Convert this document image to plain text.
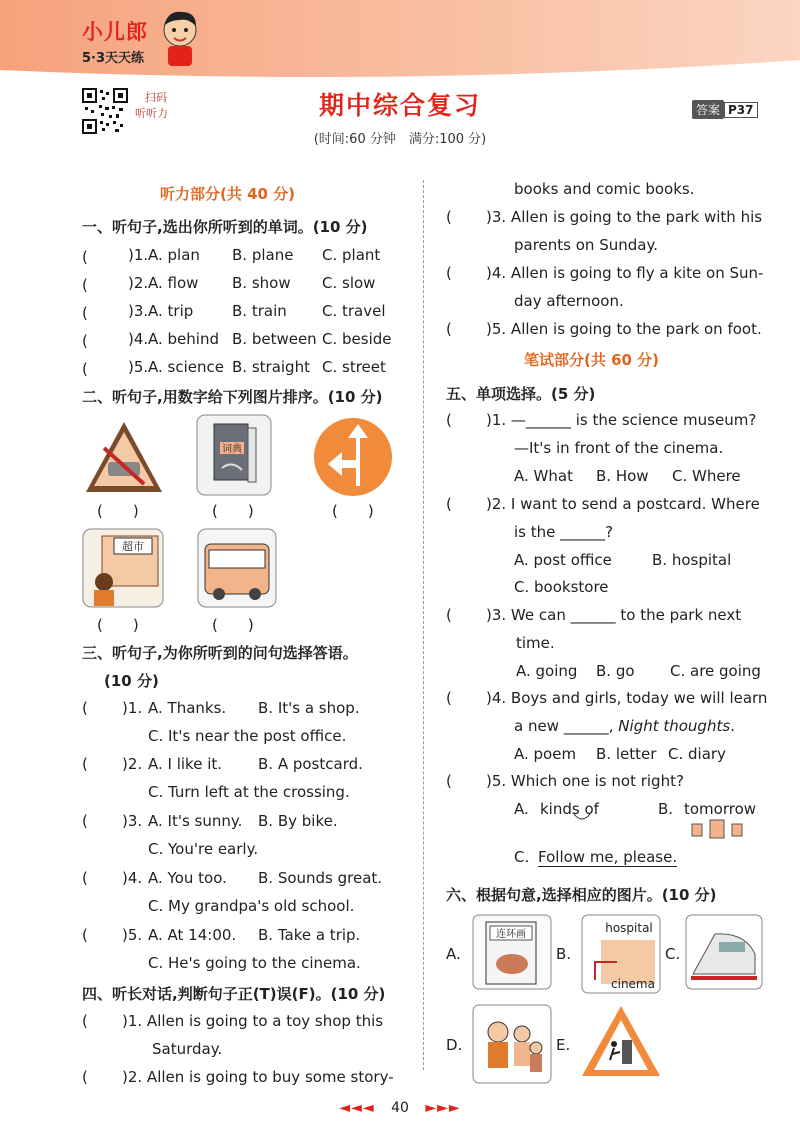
小儿郎
5·3天天练
扫码
听听力	期中综合复习
(时间:60 分钟　满分:100 分)
答案 P37
听力部分(共 40 分)
一、听句子,选出你所听到的单词。(10 分)
(　　 )1. A. plan B. plane C. plant
(　　 )2. A. flow B. show C. slow
(　　 )3. A. trip	B. train C. travel
(　　 )4. A. behind B. between C. beside
(　　 )5. A. science B. straight C. street
二、听句子,用数字给下列图片排序。(10 分)
词典
(　　)	(　　)	(　　)
超市
(　　)	(　　)
三、听句子,为你所听到的问句选择答语。
(10 分)
( )1. A. Thanks. B. It's a shop.
C. It's near the post office.
( )2. A. I like it. B. A postcard.
C. Turn left at the crossing.
( )3. A. It's sunny. B. By bike.
C. You're early.
( )4. A. You too. B. Sounds great.
C. My grandpa's old school.
( )5. A. At 14:00. B. Take a trip.
C. He's going to the cinema.
四、听长对话,判断句子正(T)误(F)。(10 分)
( )1. Allen is going to a toy shop this
Saturday.
( )2. Allen is going to buy some story-
books and comic books.
( )3. Allen is going to the park with his
parents on Sunday.
( )4. Allen is going to fly a kite on Sun-
day afternoon.
( )5. Allen is going to the park on foot.
笔试部分(共 60 分)
五、单项选择。(5 分)
( )1. —______ is the science museum?
—It's in front of the cinema.
A. What B. How C. Where
( )2. I want to send a postcard. Where
is the ______?
A. post office	B. hospital
C. bookstore
( )3. We can ______ to the park next
time.
A. going B. go C. are going
( )4. Boys and girls, today we will learn
a new ______, Night thoughts.
A. poem B. letter C. diary
( )5. Which one is not right?
A. kinds of	B. tomorrow
C. Follow me, please.
六、根据句意,选择相应的图片。(10 分)
A.
连环画
B.
hospital
cinema
C.
D.	E.
◄◄◄ 40 ►►►
